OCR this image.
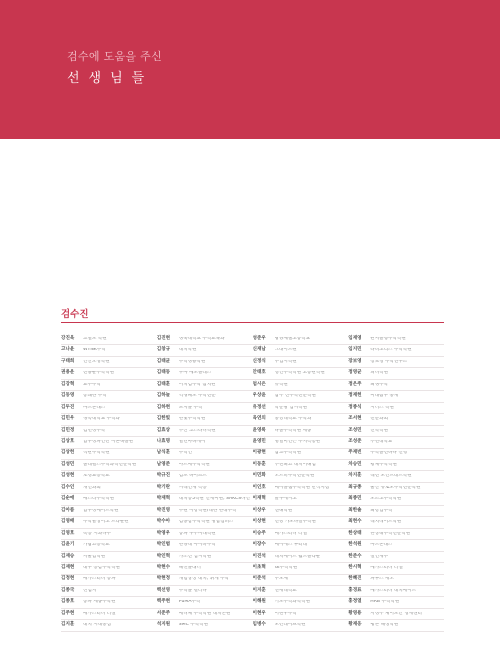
검수에 도움을 주신
선생님들
검수진
강진육	고밀도 학원
고나윤	WYNK수학
구태희	인산오성학원
권용운	전용운수학학원
김강혁	교수수학
김동영	통쾌한 수학
김두진	마드론래스
김민우	경복대학교 수학과
김민정	김민정수학
김상호	압구정파인만 이른독볼관
김상헌	직관수학학원
김성민	올레벨스수학과학전문학원
김성현	호정교등학교
김수인	개인과외
김순애	메스티수학학원
김아름	압구정메이트학원
김영배	수학발상이고 브라운관
김영호	폭동 시과나무
김윤기	가람고등학교
김재승	서울임학원
김재현	대구 공감수학학원
김정현	메가스터디 송파
김종국	선임지
김종호	송파 세종수학원
김주현	메가스터디 러셀
김지훈	대치 시대중심
김진현	경북대학교 수학교육과
김창규	대치학원
김태균	수학경용학원
김태동	구마 메도플레스
김태훈	이치김수학 참치관
김하늘	역경패도 수학전문
김하현	포지플 수학
김한빛	한빛수학학원
김효상	부산 코스타디학원
나효명	열린마하게이
남식훈	수학인
남영준	아르베수학학원
박규진	김포 하이츠트
박기란	시대인재 특동
박재혁	대치동5학원 인재미원, SAKCS나인
박진영	수원 이강학원/대한 한대수학
박수아	김종남수학학원 병납캠퍼스
박영우	송파 구주미래학원
박인범	한양대 아이바수학
박인혁	가소진 입시학원
박현수	혜선플래너
박현정	개념상상 대치, 휘게 수학
백선영	수학을 길러다
백주현	PuMA수학
서준주	메디체 수학학원 대치본원
석지원	SMC 수학학원
성준우	광양제철고등학교
신재남	그래이드원
신정식	수입시학원
안태호	영인수학학원 고등관학원
엄시은	유학원
우상윤	참주 신수학전문학원
유정선	학문당 입시학원
육연의	중앙대학교 수학과
윤영록	다올수학학원 세종
윤영민	명일미인은 수지특통관
이광현	참고수학학원
이동훈	부천최고 대치이해임
이민화	오르비수학전문학원
이인호	메이플쌤수학학원 반석지점
이재혁	골구에시고
이상우	앤해학원
이상현	전망 가모다질수학원
이승주	메가스터디 러셀
이장수	메이에스 투터레
이진석	대치메이트 월드플라운
이초혁	sk수학학원
이준석	무모제
이지훈	연세대학교
이해원	기도수학과학학원
이현우	이현우수학
임병수	모던레이프학원
임재영	관저블링수학학원
임지민	타비고리스 수학학원
장보영	장보영 수학연구소
정영균	피디학원
정은주	최쟁수학
정재헌	미래탐구 중계
정종식	시너스 학원
조서현	전문과외
조성민	진학학원
조성준	부천대학교
주재빈	수학을전하다 신행
차승민	황제수학학원
차지훈	대전 모인브레트학원
최규종	울산 뉴토모수학전문학원
최종민	모조고수학학원
최한솔	최강입수학
최현수	대치데이드학원
한상태	한상태수학전문학원
한석원	마드론래스
한준수	설인재수
한시혁	메가스터디 러셀
한혜진	파투스 세오
홍경표	메가스터디 대치메이트
홍정열	HRB 수학학원
황영용	서정주 제이도안 영재센터
황재웅	평촌 해성학원
